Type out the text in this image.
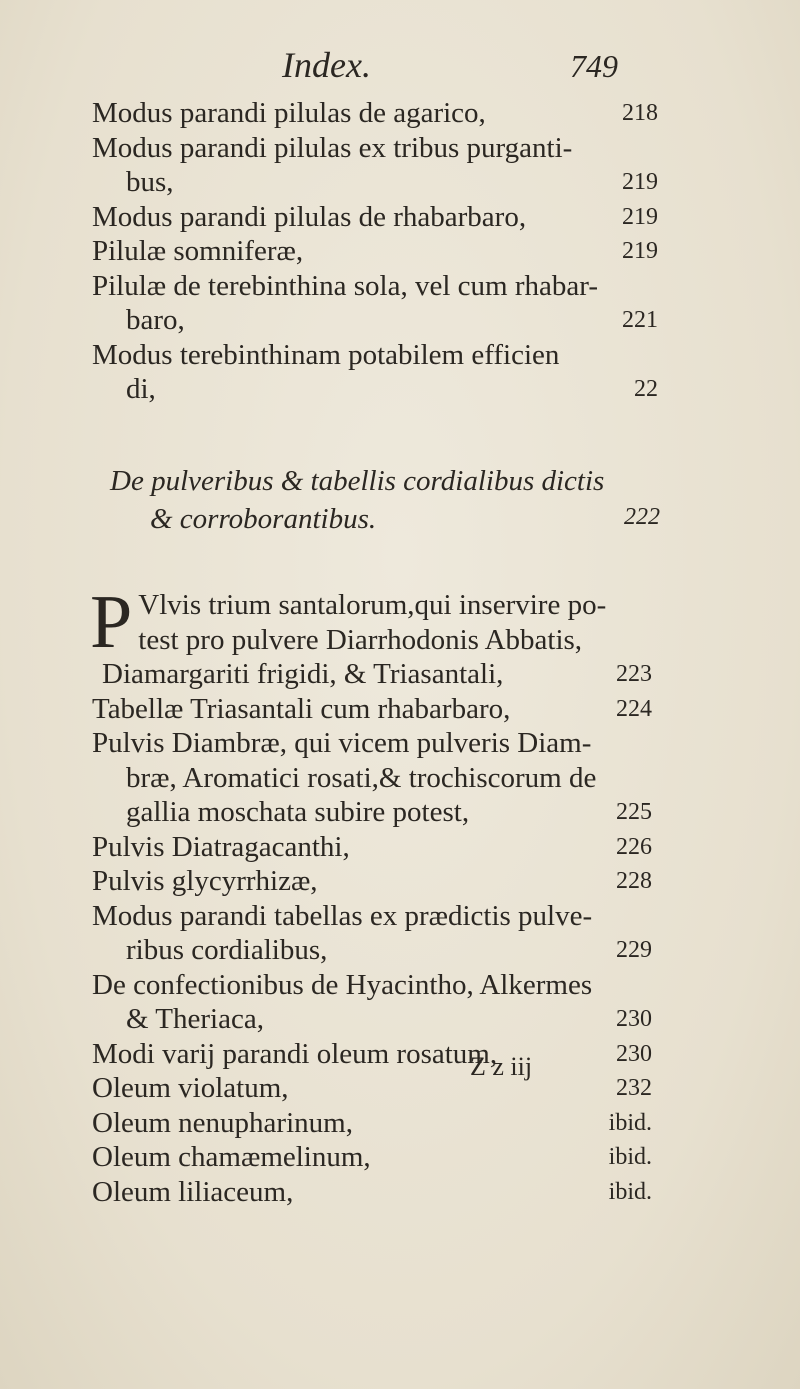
Index.	749
Modus parandi pilulas de agarico,	218
Modus parandi pilulas ex tribus purganti-
bus,	219
Modus parandi pilulas de rhabarbaro,	219
Pilulæ somniferæ,	219
Pilulæ de terebinthina sola, vel cum rhabar-
baro,	221
Modus terebinthinam potabilem efficien
di,	22
De pulveribus & tabellis cordialibus dictis
& corroborantibus.	222
P Vlvis trium santalorum,qui inservire po-
test pro pulvere Diarrhodonis Abbatis,
Diamargariti frigidi, & Triasantali,	223
Tabellæ Triasantali cum rhabarbaro,	224
Pulvis Diambræ, qui vicem pulveris Diam-
bræ, Aromatici rosati,& trochiscorum de
gallia moschata subire potest,	225
Pulvis Diatragacanthi,	226
Pulvis glycyrrhizæ,	228
Modus parandi tabellas ex prædictis pulve-
ribus cordialibus,	229
De confectionibus de Hyacintho, Alkermes
& Theriaca,	230
Modi varij parandi oleum rosatum,	230
Oleum violatum,	232
Oleum nenupharinum,	ibid.
Oleum chamæmelinum,	ibid.
Oleum liliaceum,	ibid.
Z z iij
